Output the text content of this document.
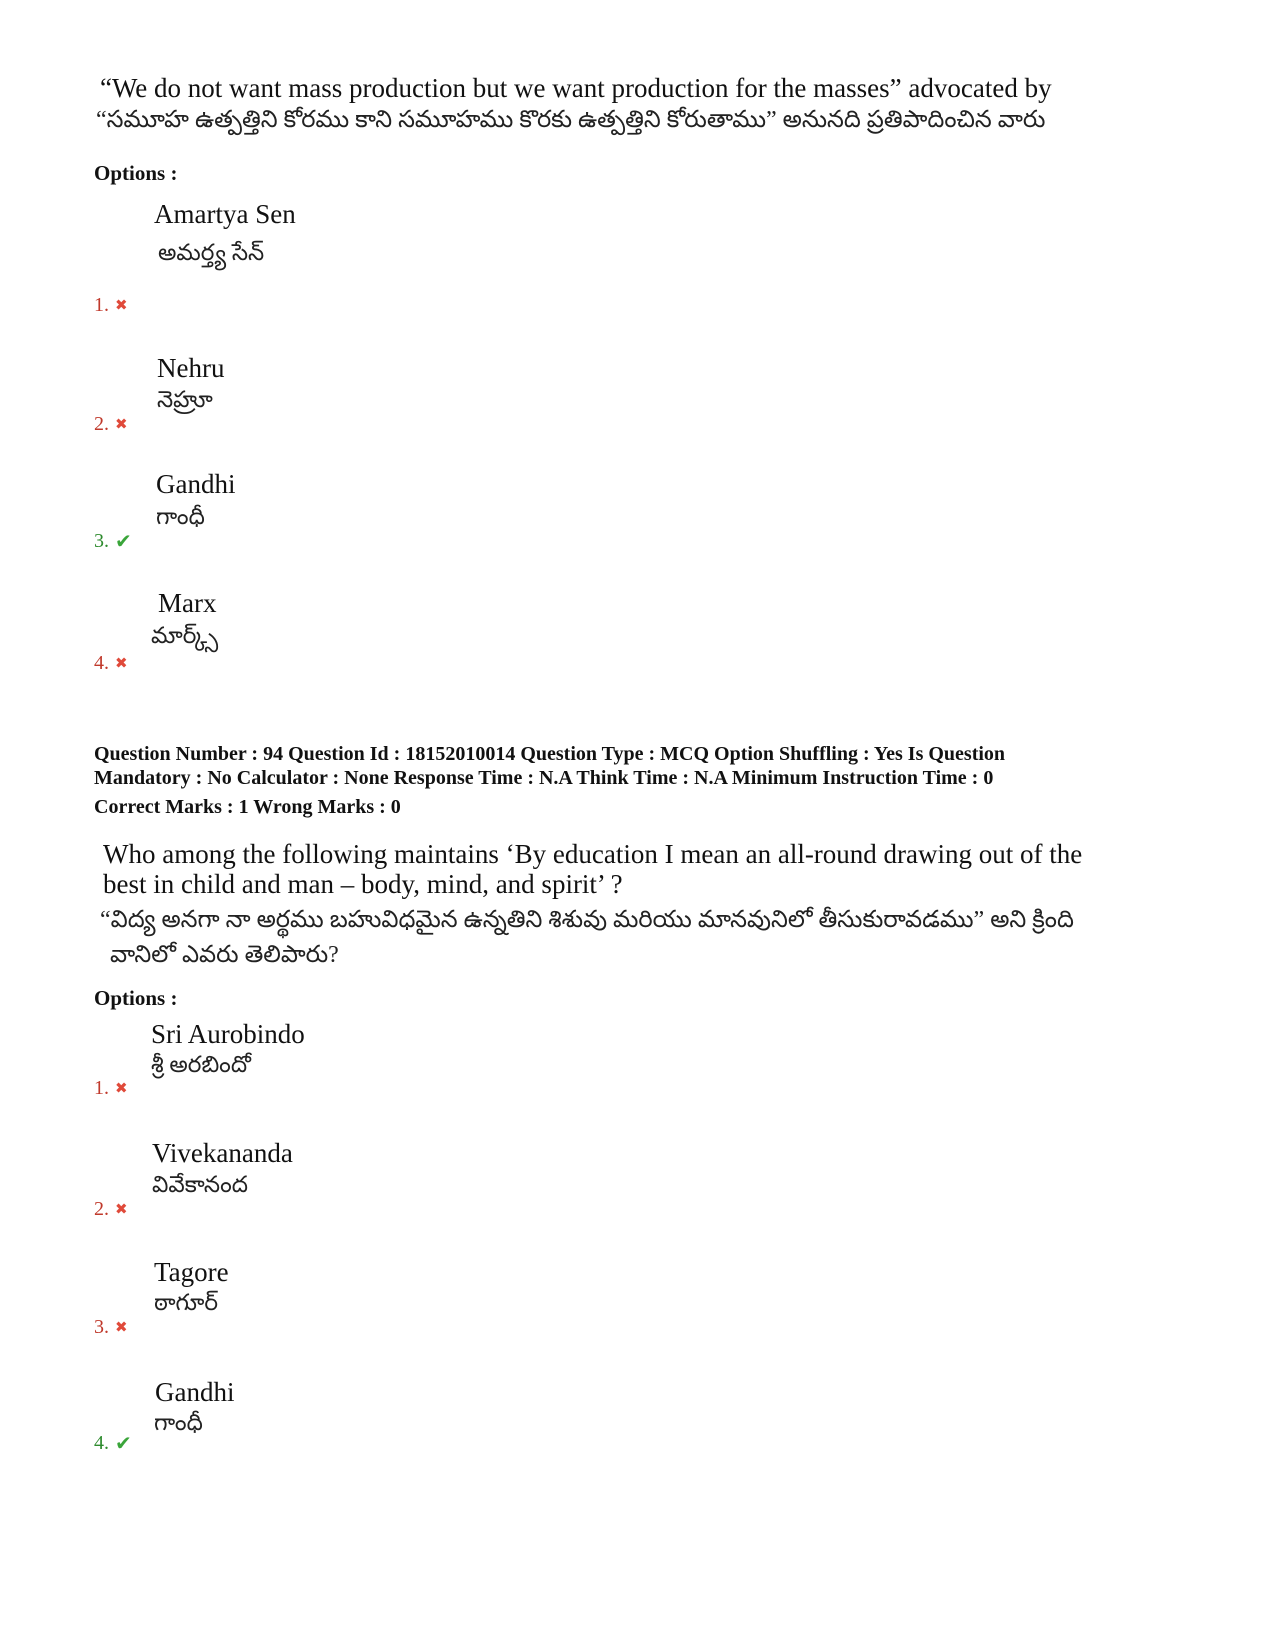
“We do not want mass production but we want production for the masses” advocated by
“సమూహ ఉత్పత్తిని కోరము కాని సమూహము కొరకు ఉత్పత్తిని కోరుతాము” అనునది ప్రతిపాదించిన వారు
Options :
Amartya Sen
అమర్త్య సేన్
1. ✖
Nehru
నెహ్రూ
2. ✖
Gandhi
గాంధీ
3. ✔
Marx
మార్క్స్
4. ✖
Question Number : 94 Question Id : 18152010014 Question Type : MCQ Option Shuffling : Yes Is Question
Mandatory : No Calculator : None Response Time : N.A Think Time : N.A Minimum Instruction Time : 0
Correct Marks : 1 Wrong Marks : 0
Who among the following maintains ‘By education I mean an all-round drawing out of the
best in child and man – body, mind, and spirit’ ?
“విద్య అనగా నా అర్థము బహువిధమైన ఉన్నతిని శిశువు మరియు మానవునిలో తీసుకురావడము” అని క్రింది
వానిలో ఎవరు తెలిపారు?
Options :
Sri Aurobindo
శ్రీ అరబిందో
1. ✖
Vivekananda
వివేకానంద
2. ✖
Tagore
ఠాగూర్
3. ✖
Gandhi
గాంధీ
4. ✔
